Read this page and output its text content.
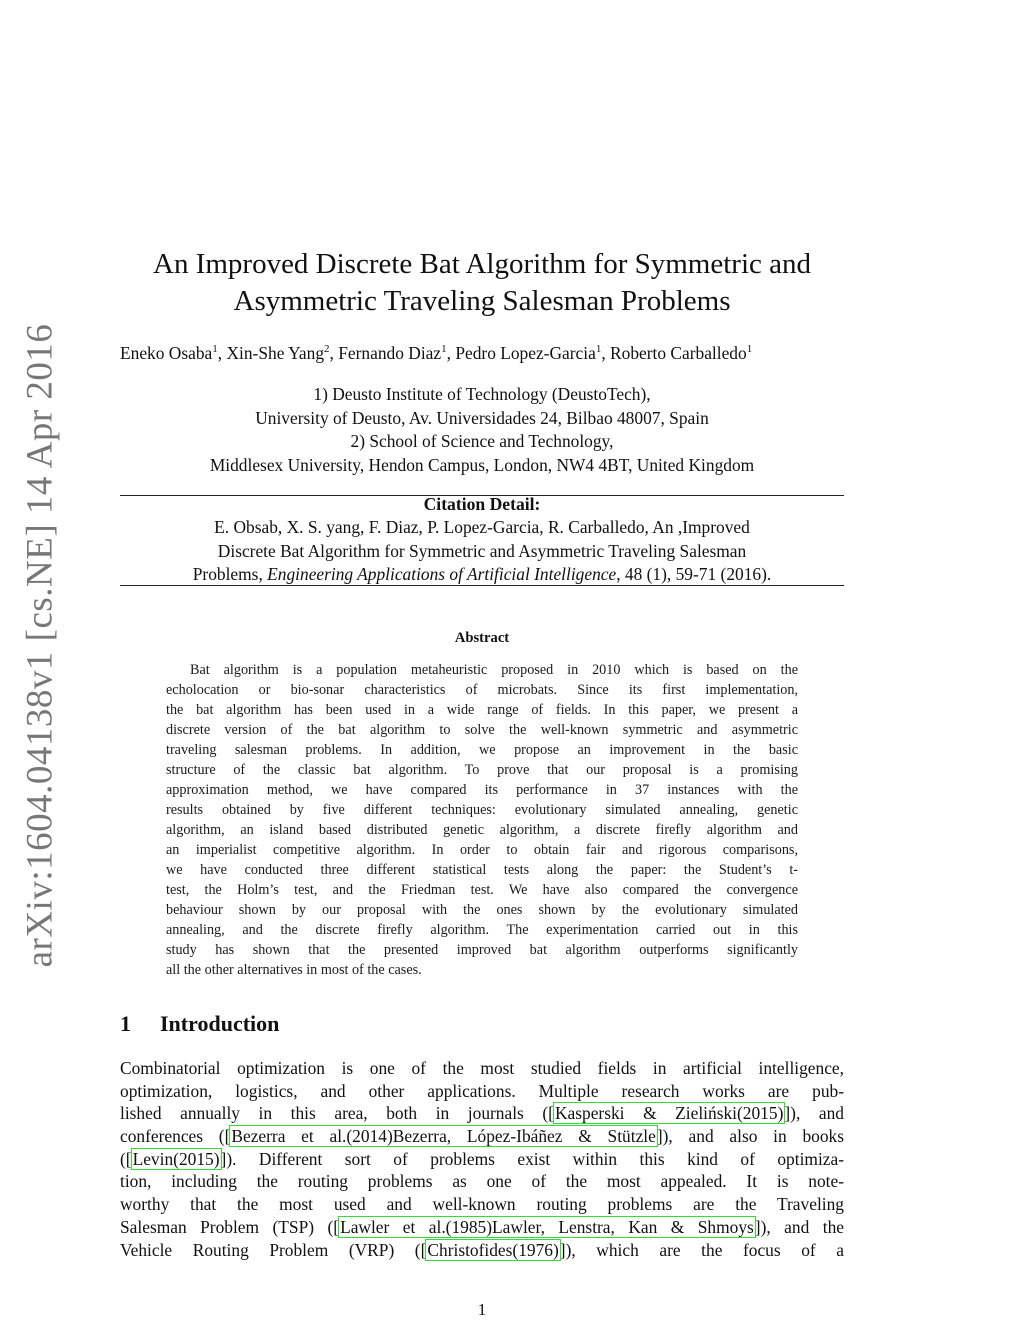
arXiv:1604.04138v1 [cs.NE] 14 Apr 2016
An Improved Discrete Bat Algorithm for Symmetric and
Asymmetric Traveling Salesman Problems
Eneko Osaba$^1$, Xin-She Yang$^2$, Fernando Diaz$^1$, Pedro Lopez-Garcia$^1$, Roberto Carballedo$^1$
1) Deusto Institute of Technology (DeustoTech),
University of Deusto, Av. Universidades 24, Bilbao 48007, Spain
2) School of Science and Technology,
Middlesex University, Hendon Campus, London, NW4 4BT, United Kingdom
Citation Detail:
E. Obsab, X. S. yang, F. Diaz, P. Lopez-Garcia, R. Carballedo, An ,Improved
Discrete Bat Algorithm for Symmetric and Asymmetric Traveling Salesman
Problems, Engineering Applications of Artificial Intelligence, 48 (1), 59-71 (2016).
Abstract
Bat algorithm is a population metaheuristic proposed in 2010 which is based on the
echolocation or bio-sonar characteristics of microbats. Since its first implementation,
the bat algorithm has been used in a wide range of fields. In this paper, we present a
discrete version of the bat algorithm to solve the well-known symmetric and asymmetric
traveling salesman problems. In addition, we propose an improvement in the basic
structure of the classic bat algorithm. To prove that our proposal is a promising
approximation method, we have compared its performance in 37 instances with the
results obtained by five different techniques: evolutionary simulated annealing, genetic
algorithm, an island based distributed genetic algorithm, a discrete firefly algorithm and
an imperialist competitive algorithm. In order to obtain fair and rigorous comparisons,
we have conducted three different statistical tests along the paper: the Student’s t-
test, the Holm’s test, and the Friedman test. We have also compared the convergence
behaviour shown by our proposal with the ones shown by the evolutionary simulated
annealing, and the discrete firefly algorithm. The experimentation carried out in this
study has shown that the presented improved bat algorithm outperforms significantly
all the other alternatives in most of the cases.
1 Introduction
Combinatorial optimization is one of the most studied fields in artificial intelligence,
optimization, logistics, and other applications. Multiple research works are pub-
lished annually in this area, both in journals ([Kasperski & Zieliński(2015)]), and
conferences ([Bezerra et al.(2014)Bezerra, López-Ibáñez & Stützle]), and also in books
([Levin(2015)]). Different sort of problems exist within this kind of optimiza-
tion, including the routing problems as one of the most appealed. It is note-
worthy that the most used and well-known routing problems are the Traveling
Salesman Problem (TSP) ([Lawler et al.(1985)Lawler, Lenstra, Kan & Shmoys]), and the
Vehicle Routing Problem (VRP) ([Christofides(1976)]), which are the focus of a
1
